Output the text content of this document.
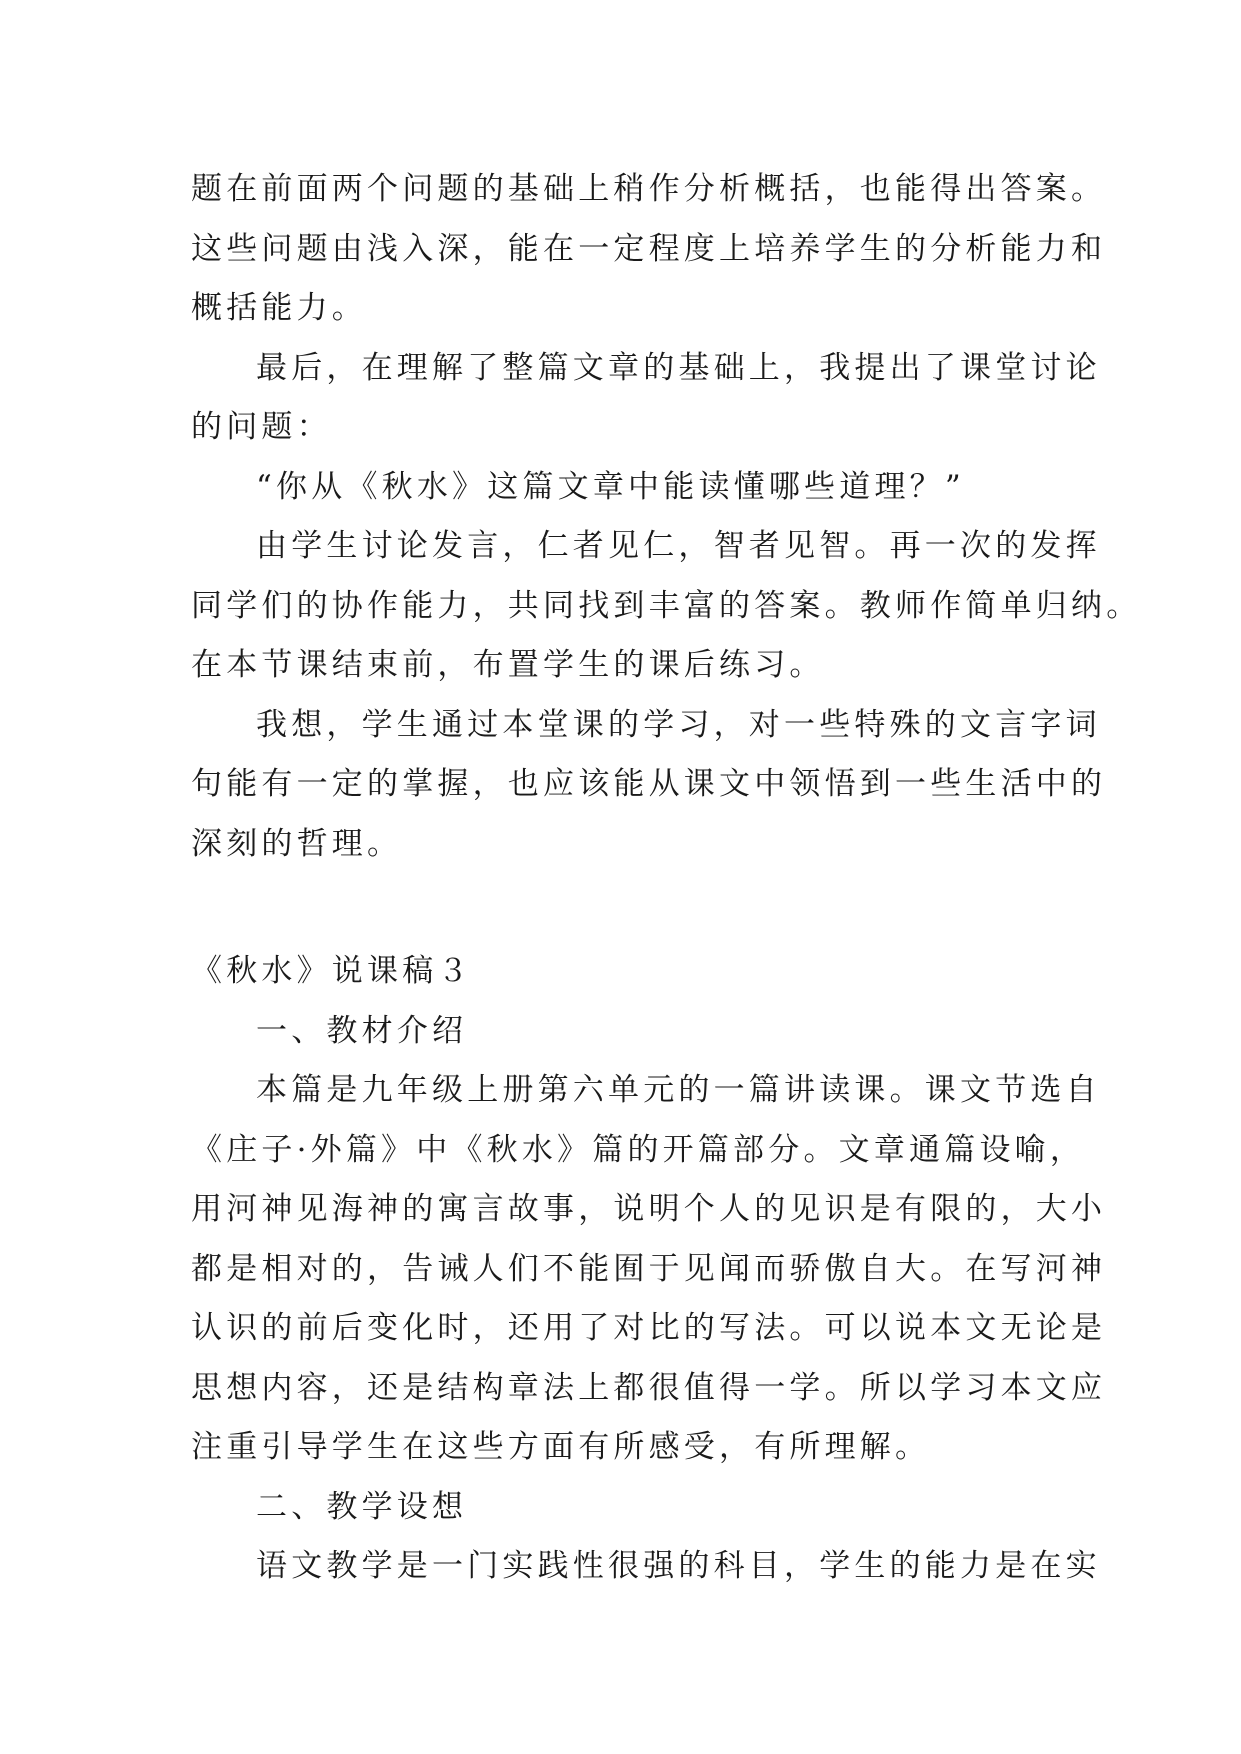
题在前面两个问题的基础上稍作分析概括，也能得出答案。
这些问题由浅入深，能在一定程度上培养学生的分析能力和
概括能力。
最后，在理解了整篇文章的基础上，我提出了课堂讨论
的问题：
“你从《秋水》这篇文章中能读懂哪些道理？”
由学生讨论发言，仁者见仁，智者见智。再一次的发挥
同学们的协作能力，共同找到丰富的答案。教师作简单归纳。
在本节课结束前，布置学生的课后练习。
我想，学生通过本堂课的学习，对一些特殊的文言字词
句能有一定的掌握，也应该能从课文中领悟到一些生活中的
深刻的哲理。
《秋水》说课稿３
一、教材介绍
本篇是九年级上册第六单元的一篇讲读课。课文节选自
《庄子·外篇》中《秋水》篇的开篇部分。文章通篇设喻，
用河神见海神的寓言故事，说明个人的见识是有限的，大小
都是相对的，告诫人们不能囿于见闻而骄傲自大。在写河神
认识的前后变化时，还用了对比的写法。可以说本文无论是
思想内容，还是结构章法上都很值得一学。所以学习本文应
注重引导学生在这些方面有所感受，有所理解。
二、教学设想
语文教学是一门实践性很强的科目，学生的能力是在实
